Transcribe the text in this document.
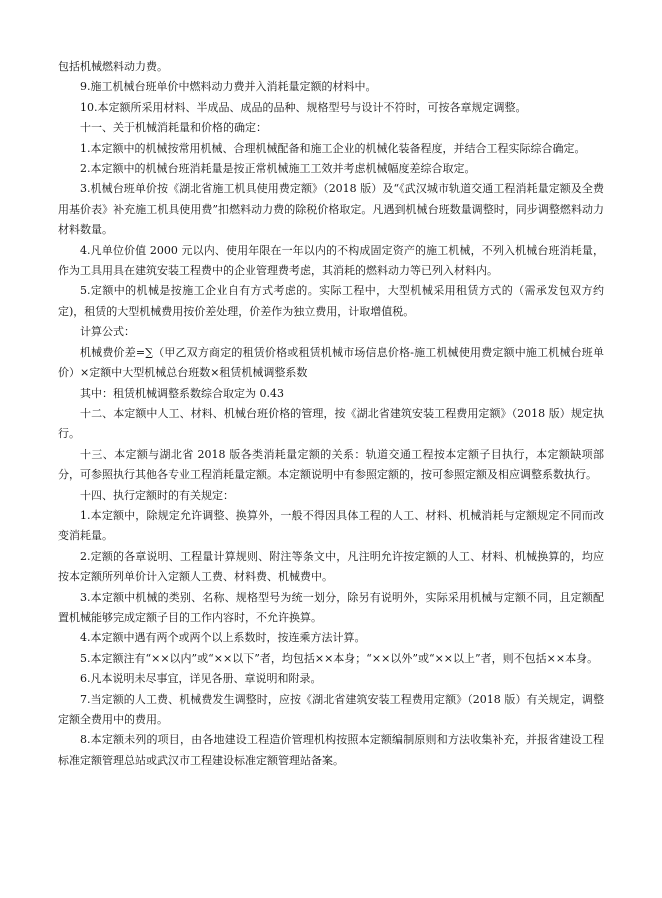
包括机械燃料动力费。

9.施工机械台班单价中燃料动力费并入消耗量定额的材料中。

10.本定额所采用材料、半成品、成品的品种、规格型号与设计不符时，可按各章规定调整。

十一、关于机械消耗量和价格的确定：

1.本定额中的机械按常用机械、合理机械配备和施工企业的机械化装备程度，并结合工程实际综合确定。

2.本定额中的机械台班消耗量是按正常机械施工工效并考虑机械幅度差综合取定。

3.机械台班单价按《湖北省施工机具使用费定额》（2018 版）及“《武汉城市轨道交通工程消耗量定额及全费用基价表》补充施工机具使用费”扣燃料动力费的除税价格取定。凡遇到机械台班数量调整时，同步调整燃料动力材料数量。

4.凡单位价值 2000 元以内、使用年限在一年以内的不构成固定资产的施工机械，不列入机械台班消耗量，作为工具用具在建筑安装工程费中的企业管理费考虑，其消耗的燃料动力等已列入材料内。

5.定额中的机械是按施工企业自有方式考虑的。实际工程中，大型机械采用租赁方式的（需承发包双方约定)，租赁的大型机械费用按价差处理，价差作为独立费用，计取增值税。

计算公式：

机械费价差=∑（甲乙双方商定的租赁价格或租赁机械市场信息价格-施工机械使用费定额中施工机械台班单价）×定额中大型机械总台班数×租赁机械调整系数

其中：租赁机械调整系数综合取定为 0.43

十二、本定额中人工、材料、机械台班价格的管理，按《湖北省建筑安装工程费用定额》（2018 版）规定执行。

十三、本定额与湖北省 2018 版各类消耗量定额的关系：轨道交通工程按本定额子目执行，本定额缺项部分，可参照执行其他各专业工程消耗量定额。本定额说明中有参照定额的，按可参照定额及相应调整系数执行。

十四、执行定额时的有关规定：

1.本定额中，除规定允许调整、换算外，一般不得因具体工程的人工、材料、机械消耗与定额规定不同而改变消耗量。

2.定额的各章说明、工程量计算规则、附注等条文中，凡注明允许按定额的人工、材料、机械换算的，均应按本定额所列单价计入定额人工费、材料费、机械费中。

3.本定额中机械的类别、名称、规格型号为统一划分，除另有说明外，实际采用机械与定额不同，且定额配置机械能够完成定额子目的工作内容时，不允许换算。

4.本定额中遇有两个或两个以上系数时，按连乘方法计算。

5.本定额注有“××以内”或“××以下”者，均包括××本身；“××以外”或“××以上”者，则不包括××本身。

6.凡本说明未尽事宜，详见各册、章说明和附录。

7.当定额的人工费、机械费发生调整时，应按《湖北省建筑安装工程费用定额》（2018 版）有关规定，调整定额全费用中的费用。

8.本定额未列的项目，由各地建设工程造价管理机构按照本定额编制原则和方法收集补充，并报省建设工程标准定额管理总站或武汉市工程建设标准定额管理站备案。
